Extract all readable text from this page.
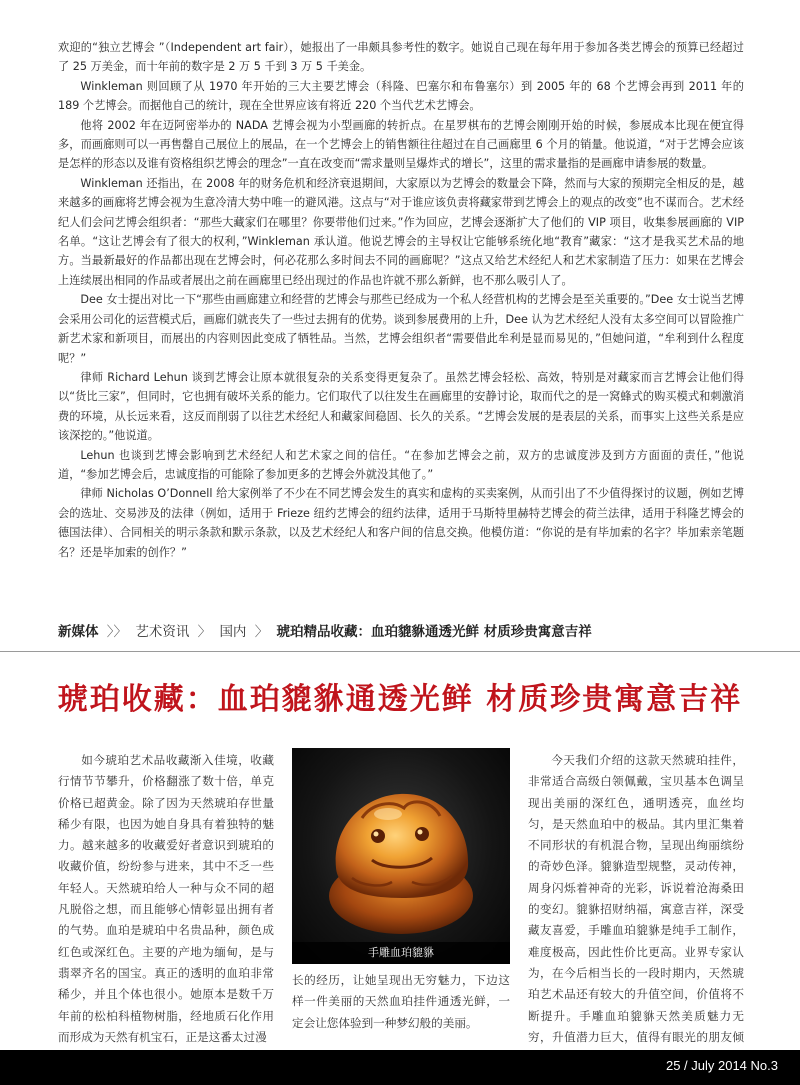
欢迎的“独立艺博会 ”（Independent art fair），她报出了一串颇具参考性的数字。她说自己现在每年用于参加各类艺博会的预算已经超过了 25 万美金，而十年前的数字是 2 万 5 千到 3 万 5 千美金。

Winkleman 则回顾了从 1970 年开始的三大主要艺博会（科隆、巴塞尔和布鲁塞尔）到 2005 年的 68 个艺博会再到 2011 年的 189 个艺博会。而据他自己的统计，现在全世界应该有将近 220 个当代艺术艺博会。

他将 2002 年在迈阿密举办的 NADA 艺博会视为小型画廊的转折点。在星罗棋布的艺博会刚刚开始的时候，参展成本比现在便宜得多，而画廊则可以一再售罄自己展位上的展品，在一个艺博会上的销售额往往超过在自己画廊里 6 个月的销量。他说道，“对于艺博会应该是怎样的形态以及谁有资格组织艺博会的理念”一直在改变而“需求量则呈爆炸式的增长”，这里的需求量指的是画廊申请参展的数量。

Winkleman 还指出，在 2008 年的财务危机和经济衰退期间，大家原以为艺博会的数量会下降，然而与大家的预期完全相反的是，越来越多的画廊将艺博会视为生意冷清大势中唯一的避风港。这点与“对于谁应该负责将藏家带到艺博会上的观点的改变”也不谋而合。艺术经纪人们会问艺博会组织者：“那些大藏家们在哪里？你要带他们过来。”作为回应，艺博会逐渐扩大了他们的 VIP 项目，收集参展画廊的 VIP 名单。“这让艺博会有了很大的权利，”Winkleman 承认道。他说艺博会的主导权让它能够系统化地“教育”藏家：“这才是我买艺术品的地方。当最新最好的作品都出现在艺博会时，何必花那么多时间去不同的画廊呢？”这点又给艺术经纪人和艺术家制造了压力：如果在艺博会上连续展出相同的作品或者展出之前在画廊里已经出现过的作品也许就不那么新鲜，也不那么吸引人了。

Dee 女士提出对比一下“那些由画廊建立和经营的艺博会与那些已经成为一个私人经营机构的艺博会是至关重要的。”Dee 女士说当艺博会采用公司化的运营模式后，画廊们就丧失了一些过去拥有的优势。谈到参展费用的上升，Dee 认为艺术经纪人没有太多空间可以冒险推广新艺术家和新项目，而展出的内容则因此变成了牺牲品。当然，艺博会组织者“需要借此牟利是显而易见的，”但她问道，“牟利到什么程度呢？”

律师 Richard Lehun 谈到艺博会让原本就很复杂的关系变得更复杂了。虽然艺博会轻松、高效，特别是对藏家而言艺博会让他们得以“货比三家”，但同时，它也拥有破坏关系的能力。它们取代了以往发生在画廊里的安静讨论，取而代之的是一窝蜂式的购买模式和刺激消费的环境，从长远来看，这反而削弱了以往艺术经纪人和藏家间稳固、长久的关系。“艺博会发展的是表层的关系，而事实上这些关系是应该深挖的。”他说道。

Lehun 也谈到艺博会影响到艺术经纪人和艺术家之间的信任。“在参加艺博会之前，双方的忠诚度涉及到方方面面的责任，”他说道，“参加艺博会后，忠诚度指的可能除了参加更多的艺博会外就没其他了。”

律师 Nicholas O’Donnell 给大家例举了不少在不同艺博会发生的真实和虚构的买卖案例，从而引出了不少值得探讨的议题，例如艺博会的选址、交易涉及的法律（例如，适用于 Frieze 纽约艺博会的纽约法律，适用于马斯特里赫特艺博会的荷兰法律，适用于科隆艺博会的德国法律）、合同相关的明示条款和默示条款，以及艺术经纪人和客户间的信息交换。他模仿道：“你说的是有毕加索的名字？毕加索亲笔题名？还是毕加索的创作？”

新媒体 〉〉 艺术资讯 〉 国内 〉 琥珀精品收藏：血珀貔貅通透光鲜 材质珍贵寓意吉祥
琥珀收藏：血珀貔貅通透光鲜 材质珍贵寓意吉祥

如今琥珀艺术品收藏渐入佳境，收藏行情节节攀升，价格翻涨了数十倍，单克价格已超黄金。除了因为天然琥珀存世量稀少有限，也因为她自身具有着独特的魅力。越来越多的收藏爱好者意识到琥珀的收藏价值，纷纷参与进来，其中不乏一些年轻人。天然琥珀给人一种与众不同的超凡脱俗之想，而且能够心情彰显出拥有者的气势。血珀是琥珀中名贵品种，颜色成红色或深红色。主要的产地为缅甸，是与翡翠齐名的国宝。真正的透明的血珀非常稀少，并且个体也很小。她原本是数千万年前的松柏科植物树脂，经地质石化作用而形成为天然有机宝石，正是这番太过漫

手雕血珀貔貅

长的经历，让她呈现出无穷魅力，下边这样一件美丽的天然血珀挂件通透光鲜，一定会让您体验到一种梦幻般的美丽。

今天我们介绍的这款天然琥珀挂件，非常适合高级白领佩戴，宝贝基本色调呈现出美丽的深红色，通明透亮，血丝均匀，是天然血珀中的极品。其内里汇集着不同形状的有机混合物，呈现出绚丽缤纷的奇妙色泽。貔貅造型规整，灵动传神，周身闪烁着神奇的光彩，诉说着沧海桑田的变幻。貔貅招财纳福，寓意吉祥，深受藏友喜爱，手雕血珀貔貅是纯手工制作，难度极高，因此性价比更高。业界专家认为，在今后相当长的一段时期内，天然琥珀艺术品还有较大的升值空间，价值将不断提升。手雕血珀貔貅天然美质魅力无穷，升值潜力巨大，值得有眼光的朋友倾

25 / July 2014 No.3
